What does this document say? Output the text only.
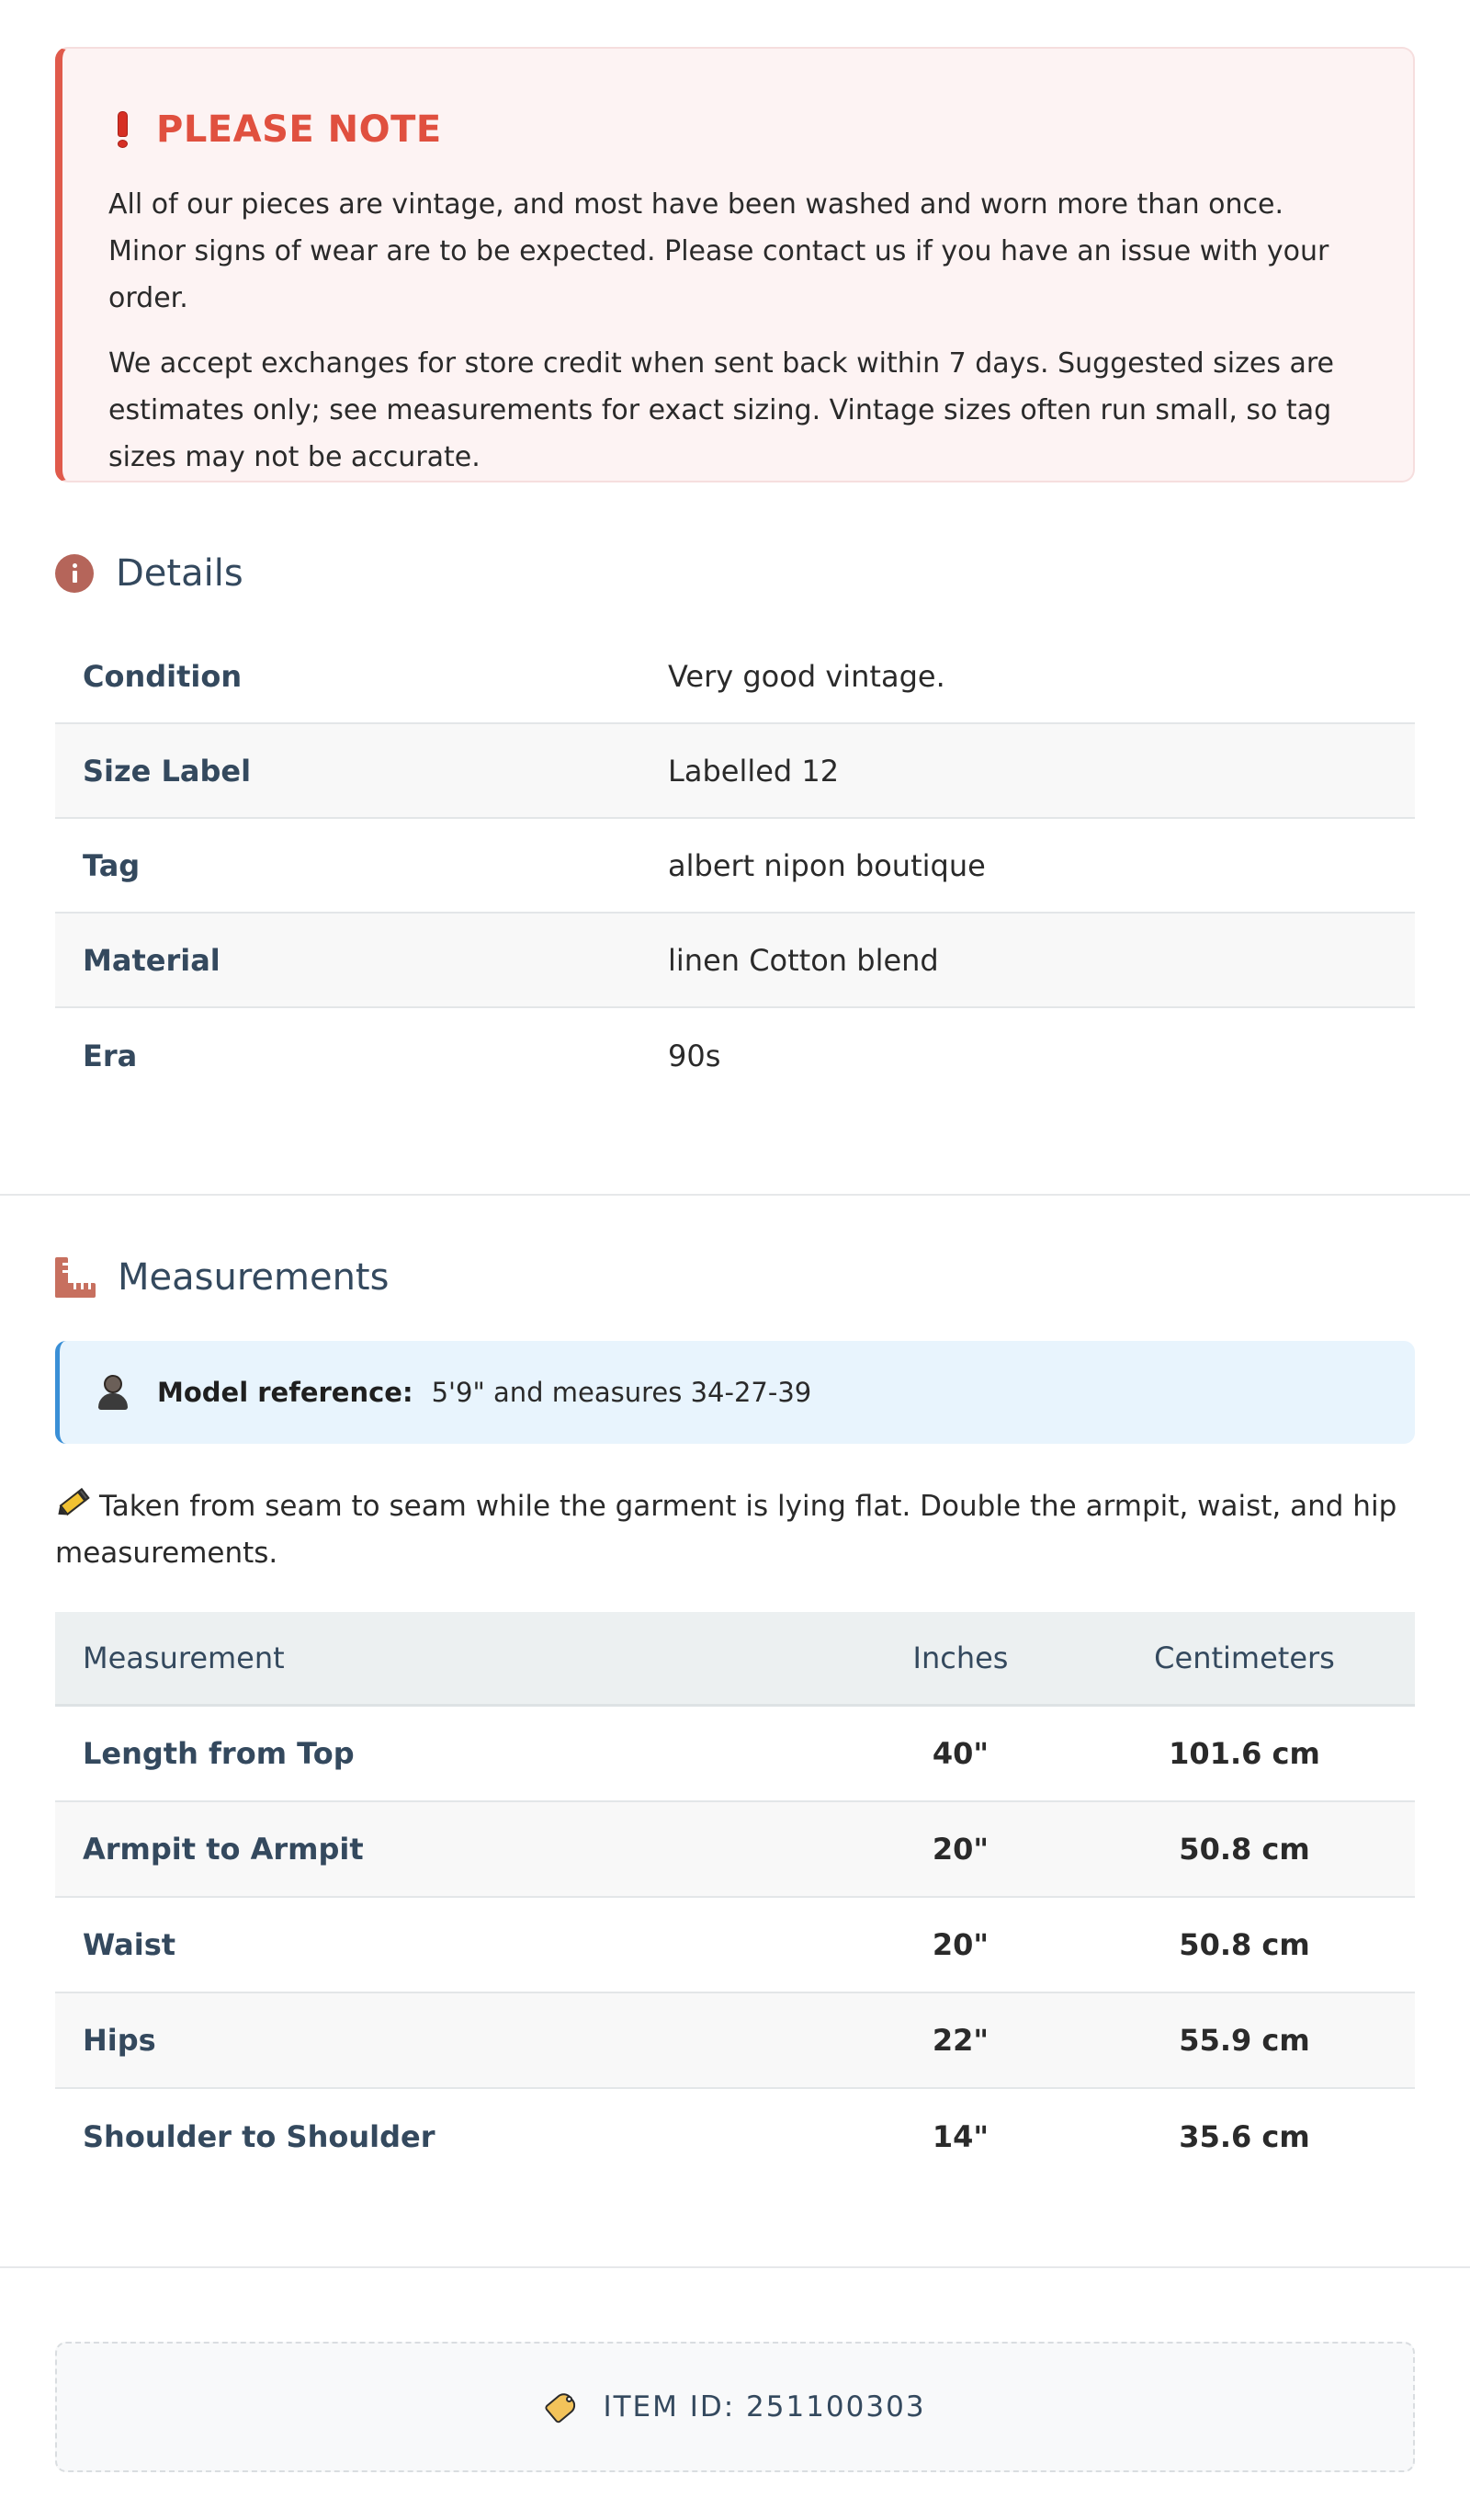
PLEASE NOTE

All of our pieces are vintage, and most have been washed and worn more than once. Minor signs of wear are to be expected. Please contact us if you have an issue with your order.

We accept exchanges for store credit when sent back within 7 days. Suggested sizes are estimates only; see measurements for exact sizing. Vintage sizes often run small, so tag sizes may not be accurate.

Details
Condition	Very good vintage.
Size Label	Labelled 12
Tag	albert nipon boutique
Material	linen Cotton blend
Era	90s
Measurements
Model reference: 5'9" and measures 34-27-39
Taken from seam to seam while the garment is lying flat. Double the armpit, waist, and hip measurements.
Measurement	Inches	Centimeters
Length from Top	40"	101.6 cm
Armpit to Armpit	20"	50.8 cm
Waist	20"	50.8 cm
Hips	22"	55.9 cm
Shoulder to Shoulder	14"	35.6 cm
ITEM ID: 251100303
